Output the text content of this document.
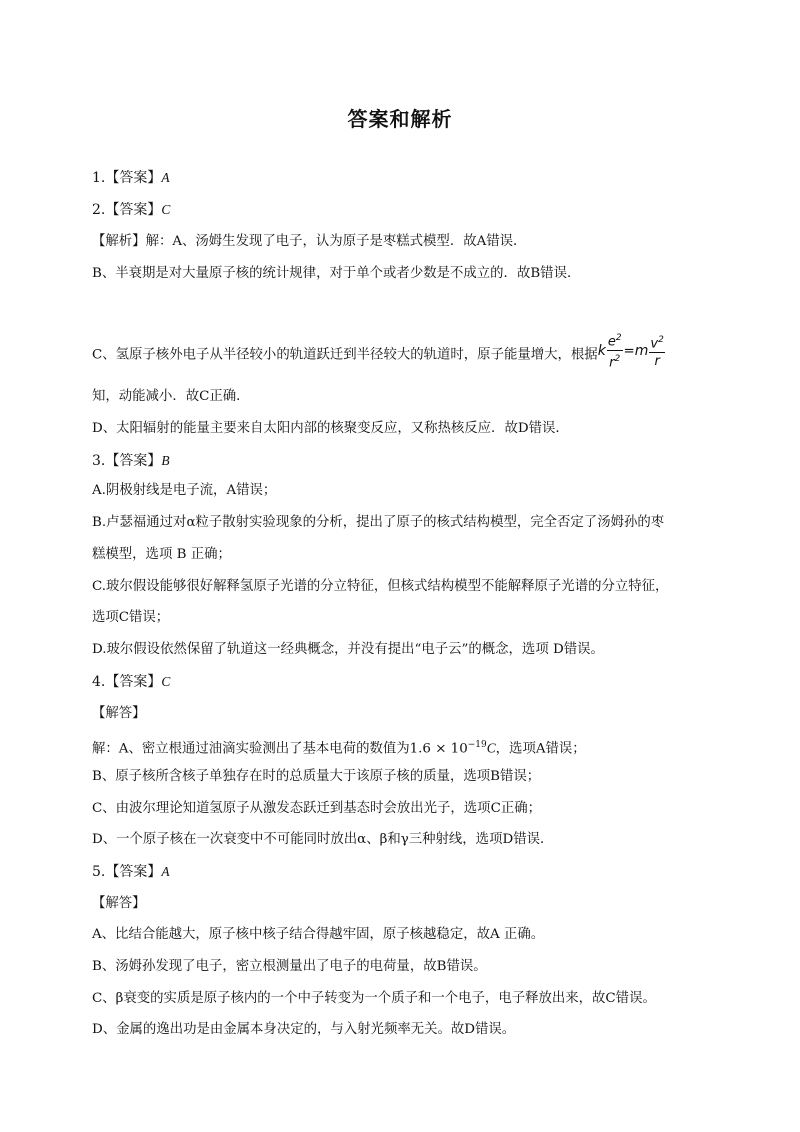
答案和解析
1.【答案】A
2.【答案】C
【解析】解：A、汤姆生发现了电子，认为原子是枣糕式模型．故A错误．
B、半衰期是对大量原子核的统计规律，对于单个或者少数是不成立的．故B错误．
C、氢原子核外电子从半径较小的轨道跃迁到半径较大的轨道时，原子能量增大，根据k $\frac{e^2}{r^2} =m \frac{v^2}{r}$
知，动能减小．故C正确．
D、太阳辐射的能量主要来自太阳内部的核聚变反应，又称热核反应．故D错误．
3.【答案】B
A.阴极射线是电子流，A错误；
B.卢瑟福通过对α粒子散射实验现象的分析，提出了原子的核式结构模型，完全否定了汤姆孙的枣
糕模型，选项 B 正确；
C.玻尔假设能够很好解释氢原子光谱的分立特征，但核式结构模型不能解释原子光谱的分立特征，
选项C错误；
D.玻尔假设依然保留了轨道这一经典概念，并没有提出“电子云”的概念，选项 D错误。
4.【答案】C
【解答】
解：A、密立根通过油滴实验测出了基本电荷的数值为$1.6 \times 10^{-19}C$，选项A错误；
B、原子核所含核子单独存在时的总质量大于该原子核的质量，选项B错误；
C、由波尔理论知道氢原子从激发态跃迁到基态时会放出光子，选项C正确；
D、一个原子核在一次衰变中不可能同时放出α、β和γ三种射线，选项D错误．
5.【答案】A
【解答】
A、比结合能越大，原子核中核子结合得越牢固，原子核越稳定，故A 正确。
B、汤姆孙发现了电子，密立根测量出了电子的电荷量，故B错误。
C、β衰变的实质是原子核内的一个中子转变为一个质子和一个电子，电子释放出来，故C错误。
D、金属的逸出功是由金属本身决定的，与入射光频率无关。故D错误。
